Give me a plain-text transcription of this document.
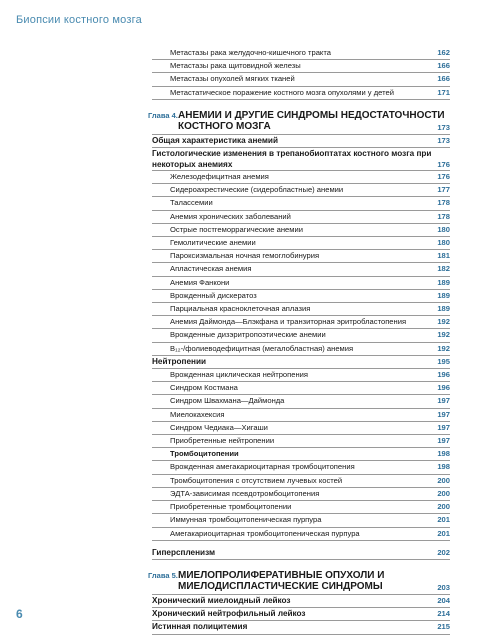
Биопсии костного мозга
Метастазы рака желудочно-кишечного тракта	162
Метастазы рака щитовидной железы	166
Метастазы опухолей мягких тканей	166
Метастатическое поражение костного мозга опухолями у детей	171
Глава 4. АНЕМИИ И ДРУГИЕ СИНДРОМЫ НЕДОСТАТОЧНОСТИ КОСТНОГО МОЗГА	173
Общая характеристика анемий	173
Гистологические изменения в трепанобиоптатах костного мозга при некоторых анемиях	176
Железодефицитная анемия	176
Сидероахрестические (сидеробластные) анемии	177
Талассемии	178
Анемия хронических заболеваний	178
Острые постгеморрагические анемии	180
Гемолитические анемии	180
Пароксизмальная ночная гемоглобинурия	181
Апластическая анемия	182
Анемия Фанкони	189
Врожденный дискератоз	189
Парциальная красноклеточная аплазия	189
Анемия Даймонда—Блэкфана и транзиторная эритробластопения	192
Врожденные дизэритропоэтические анемии	192
B₁₂-/фолиеводефицитная (мегалобластная) анемия	192
Нейтропении	195
Врожденная циклическая нейтропения	196
Синдром Костмана	196
Синдром Швахмана—Даймонда	197
Миелокахексия	197
Синдром Чедиака—Хигаши	197
Приобретенные нейтропении	197
Тромбоцитопении	198
Врожденная амегакариоцитарная тромбоцитопения	198
Тромбоцитопения с отсутствием лучевых костей	200
ЭДТА-зависимая псевдотромбоцитопения	200
Приобретенные тромбоцитопении	200
Иммунная тромбоцитопеническая пурпура	201
Амегакариоцитарная тромбоцитопеническая пурпура	201
Гиперспленизм	202
Глава 5. МИЕЛОПРОЛИФЕРАТИВНЫЕ ОПУХОЛИ И МИЕЛОДИСПЛАСТИЧЕСКИЕ СИНДРОМЫ	203
Хронический миелоидный лейкоз	204
Хронический нейтрофильный лейкоз	214
Истинная полицитемия	215
6
